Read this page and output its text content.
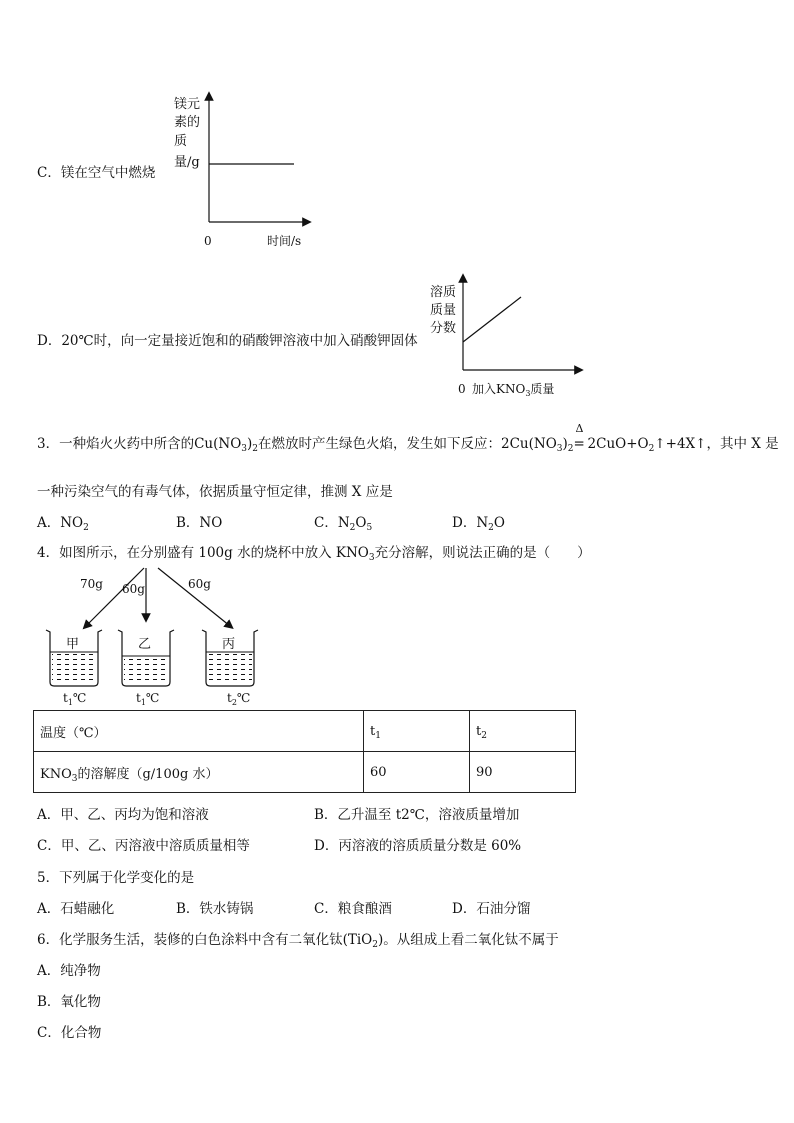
C．镁在空气中燃烧
镁元
素的
质
量/g
0	时间/s
D．20℃时，向一定量接近饱和的硝酸钾溶液中加入硝酸钾固体
溶质
质量
分数
0 加入$KNO_3$质量
3．一种焰火火药中所含的$Cu(NO_3)_2$在燃放时产生绿色火焰，发生如下反应：$2Cu(NO_3)_2$
Δ
= $2CuO+O_2↑+4X↑$，其中 X 是
一种污染空气的有毒气体，依据质量守恒定律，推测 X 应是
A．$NO_2$	B．NO	C．$N_2O_5$	D．$N_2O$
4．如图所示，在分别盛有 100g 水的烧杯中放入 $KNO_3$充分溶解，则说法正确的是（　　）
70g 60g	60g
甲	乙	丙
$t_1℃$	$t_1℃$	$t_2℃$
温度（℃）	$t_1$	$t_2$
$KNO_3$的溶解度（g/100g 水）	60	90
A．甲、乙、丙均为饱和溶液	B．乙升温至 t2℃，溶液质量增加
C．甲、乙、丙溶液中溶质质量相等	D．丙溶液的溶质质量分数是 60%
5．下列属于化学变化的是
A．石蜡融化	B．铁水铸锅	C．粮食酿酒	D．石油分馏
6．化学服务生活，装修的白色涂料中含有二氧化钛(TiO$_2$)。从组成上看二氧化钛不属于
A．纯净物
B．氧化物
C．化合物
